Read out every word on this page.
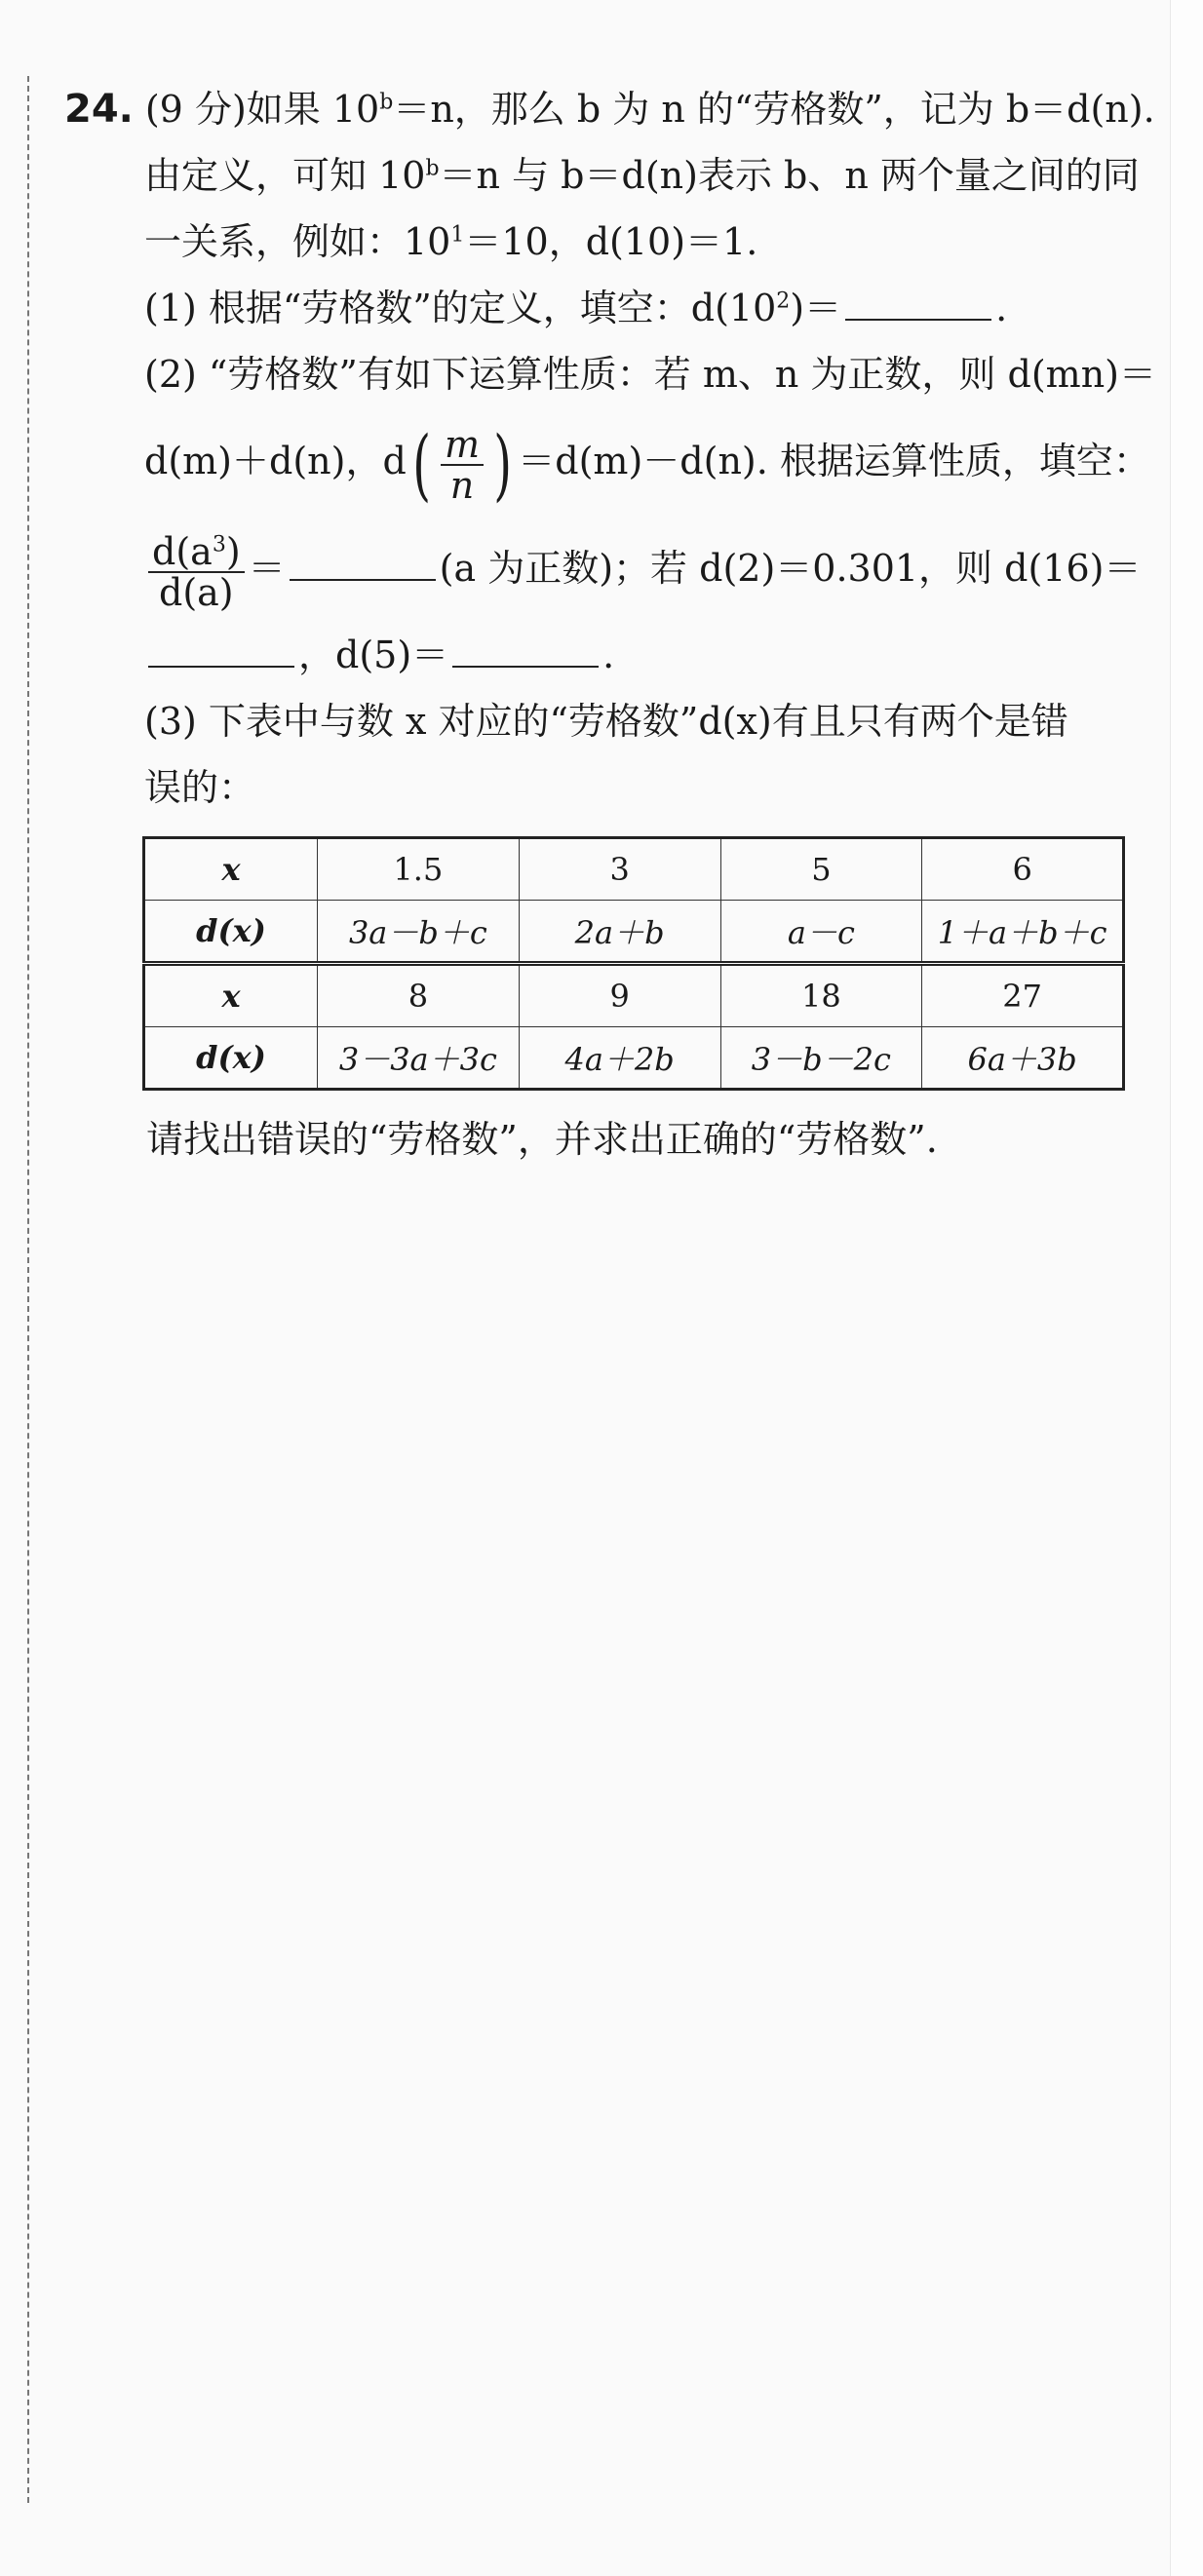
24. (9 分)如果 $10^b=n$，那么 b 为 n 的“劳格数”，记为 b＝d(n).
由定义，可知 $10^b=n$ 与 b＝d(n)表示 b、n 两个量之间的同
一关系，例如：$10^1=10$，d(10)＝1.
(1) 根据“劳格数”的定义，填空：$d(10^2)=$	.
(2) “劳格数”有如下运算性质：若 m、n 为正数，则 d(mn)＝
d(m)＋d(n)，d ( $\frac{m}{n}$ ) ＝d(m)－d(n). 根据运算性质，填空：
$\frac{d(a^3)}{d(a)}$ ＝	(a 为正数)；若 d(2)＝0.301，则 d(16)＝
，d(5)＝	.
(3) 下表中与数 x 对应的“劳格数”d(x)有且只有两个是错
误的：
x	1.5	3	5	6
d(x)	3a－b＋c	2a＋b	a－c	1＋a＋b＋c
x	8	9	18	27
d(x)	3－3a＋3c	4a＋2b	3－b－2c	6a＋3b
请找出错误的“劳格数”，并求出正确的“劳格数”.
